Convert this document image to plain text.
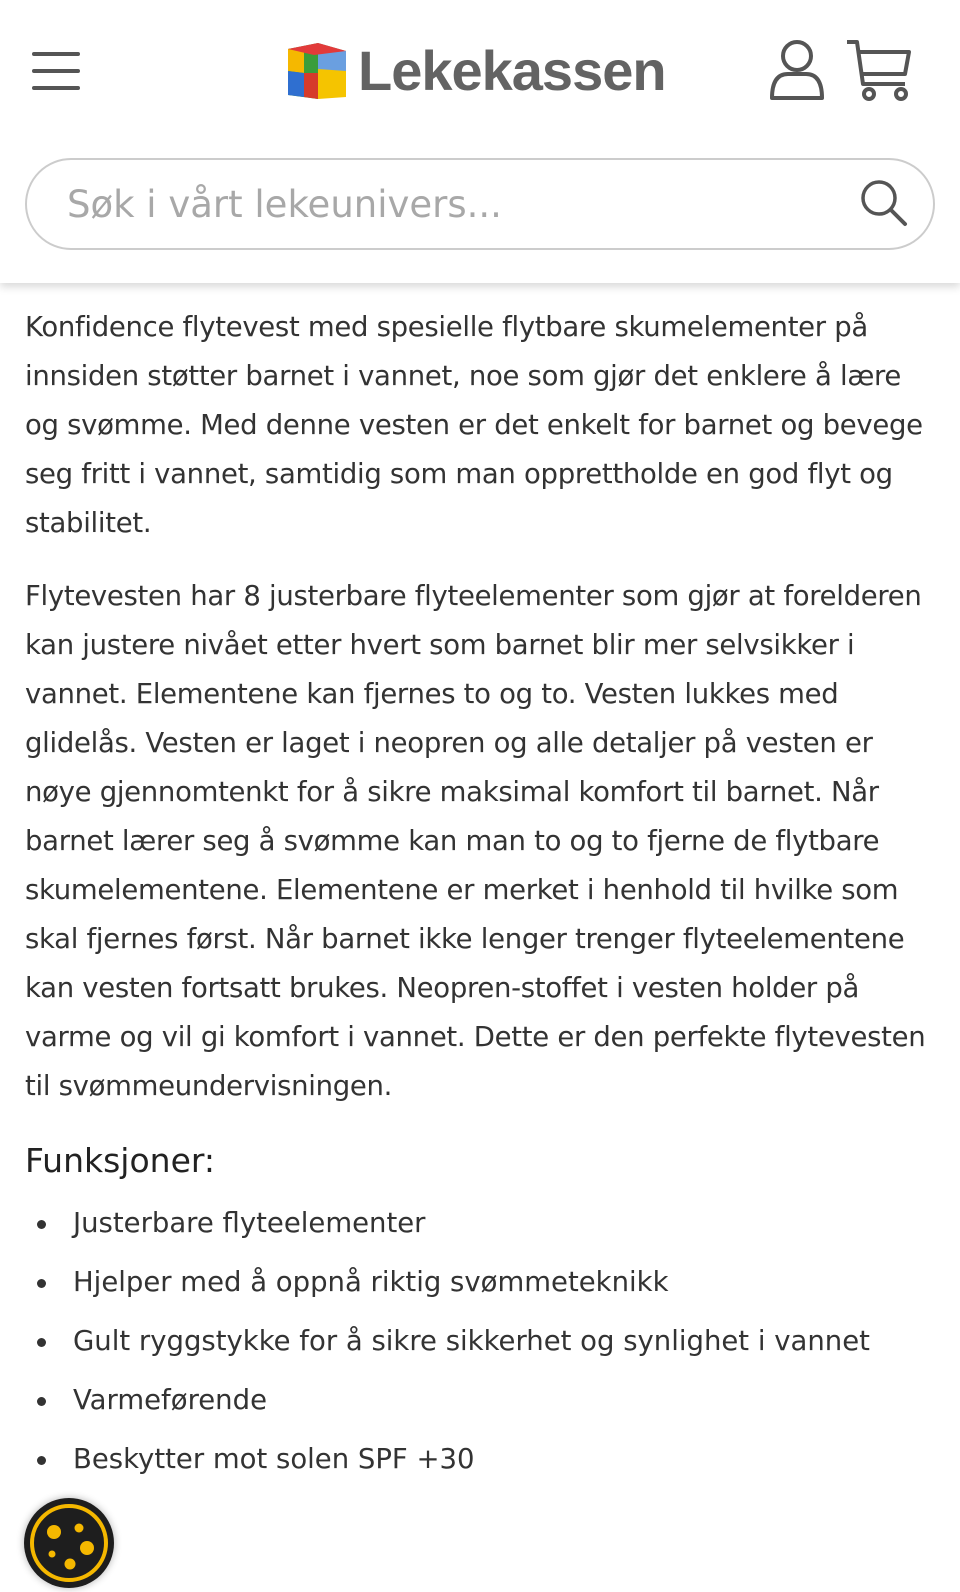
Lekekassen
Søk i vårt lekeunivers...

Konfidence flytevest med spesielle flytbare skumelementer på innsiden støtter barnet i vannet, noe som gjør det enklere å lære og svømme. Med denne vesten er det enkelt for barnet og bevege seg fritt i vannet, samtidig som man opprettholde en god flyt og stabilitet.

Flytevesten har 8 justerbare flyteelementer som gjør at forelderen kan justere nivået etter hvert som barnet blir mer selvsikker i vannet. Elementene kan fjernes to og to. Vesten lukkes med glidelås. Vesten er laget i neopren og alle detaljer på vesten er nøye gjennomtenkt for å sikre maksimal komfort til barnet. Når barnet lærer seg å svømme kan man to og to fjerne de flytbare skumelementene. Elementene er merket i henhold til hvilke som skal fjernes først. Når barnet ikke lenger trenger flyteelementene kan vesten fortsatt brukes. Neopren-stoffet i vesten holder på varme og vil gi komfort i vannet. Dette er den perfekte flytevesten til svømmeundervisningen.

Funksjoner:
Justerbare flyteelementer
Hjelper med å oppnå riktig svømmeteknikk
Gult ryggstykke for å sikre sikkerhet og synlighet i vannet
Varmeførende
Beskytter mot solen SPF +30
